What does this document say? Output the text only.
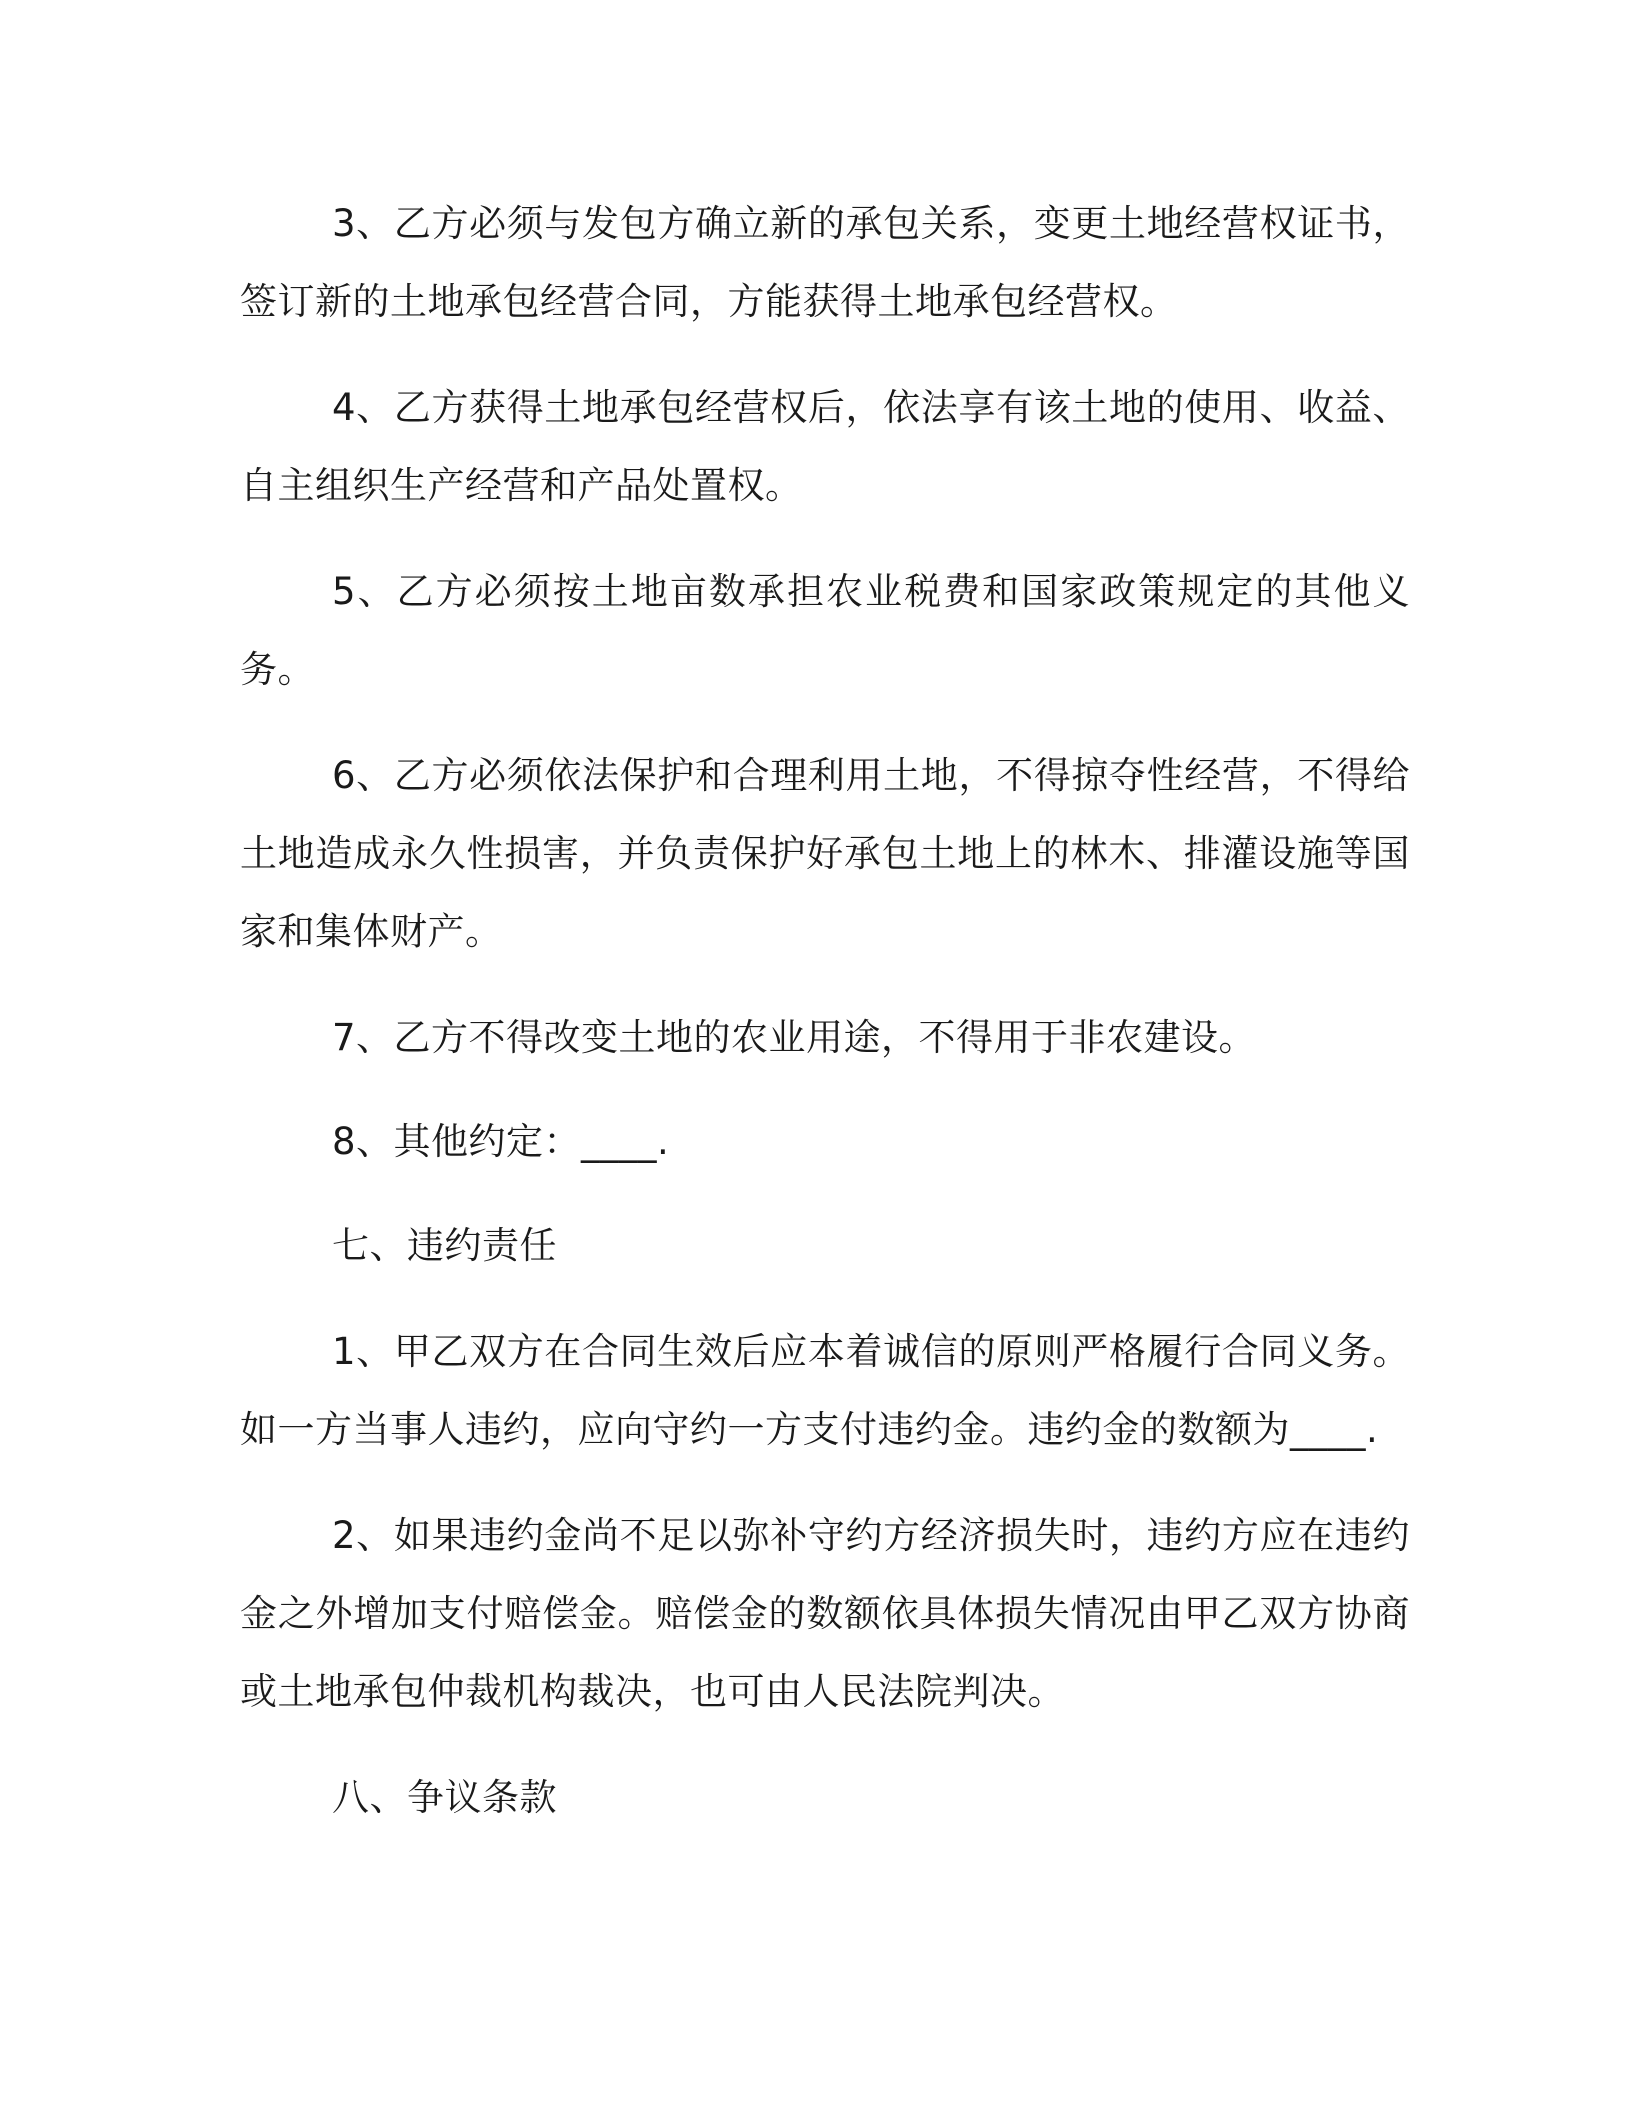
3、乙方必须与发包方确立新的承包关系，变更土地经营权证书，签订新的土地承包经营合同，方能获得土地承包经营权。

4、乙方获得土地承包经营权后，依法享有该土地的使用、收益、自主组织生产经营和产品处置权。

5、乙方必须按土地亩数承担农业税费和国家政策规定的其他义务。

6、乙方必须依法保护和合理利用土地，不得掠夺性经营，不得给土地造成永久性损害，并负责保护好承包土地上的林木、排灌设施等国家和集体财产。

7、乙方不得改变土地的农业用途，不得用于非农建设。

8、其他约定：____.

七、违约责任

1、甲乙双方在合同生效后应本着诚信的原则严格履行合同义务。如一方当事人违约，应向守约一方支付违约金。违约金的数额为____.

2、如果违约金尚不足以弥补守约方经济损失时，违约方应在违约金之外增加支付赔偿金。赔偿金的数额依具体损失情况由甲乙双方协商或土地承包仲裁机构裁决，也可由人民法院判决。

八、争议条款
